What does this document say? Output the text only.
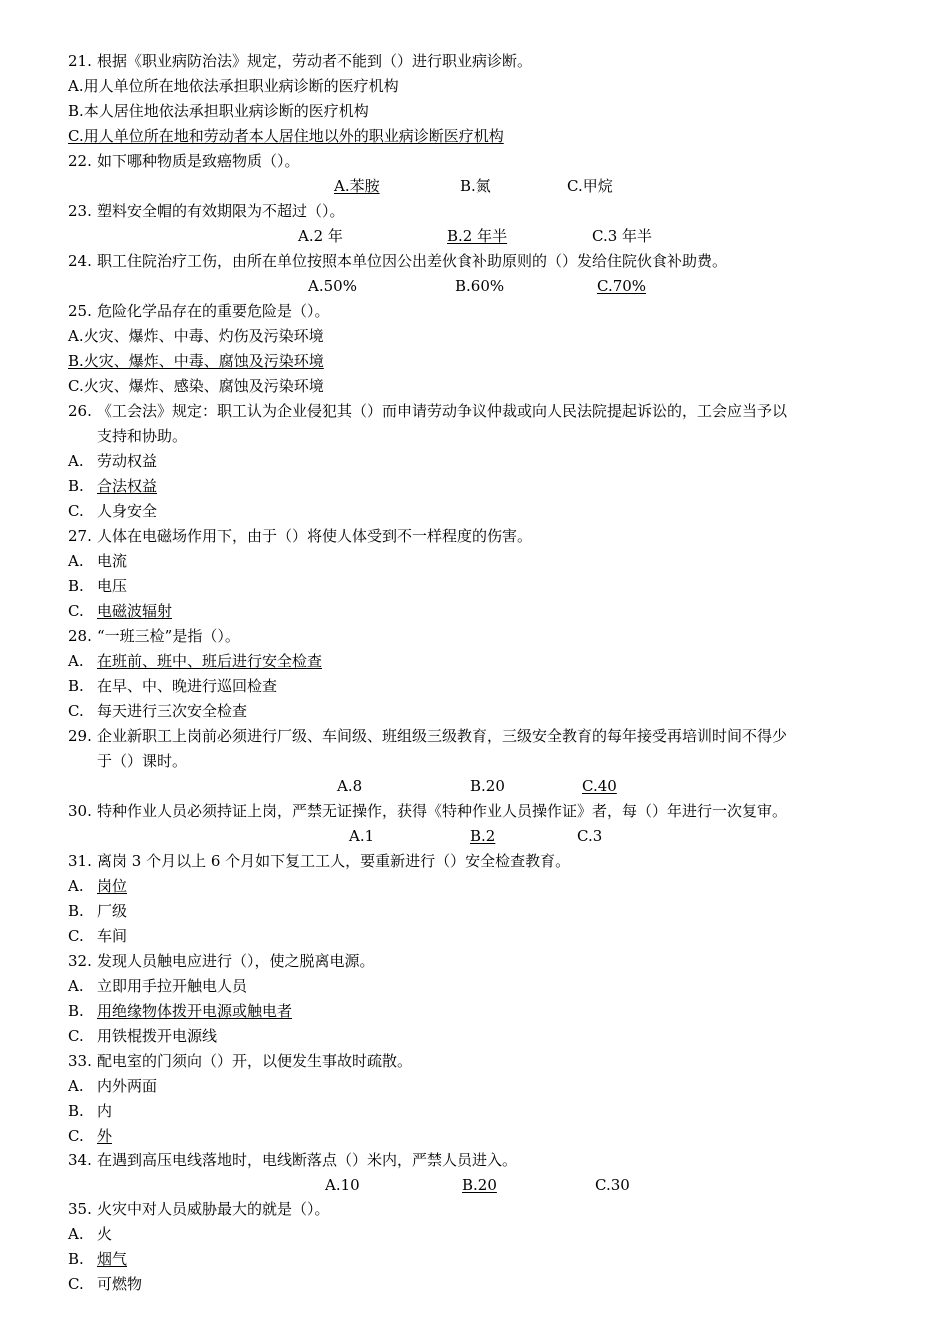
21. 根据《职业病防治法》规定，劳动者不能到（）进行职业病诊断。
A.用人单位所在地依法承担职业病诊断的医疗机构
B.本人居住地依法承担职业病诊断的医疗机构
C.用人单位所在地和劳动者本人居住地以外的职业病诊断医疗机构
22. 如下哪种物质是致癌物质（）。
A.苯胺	B.氮	C.甲烷
23. 塑料安全帽的有效期限为不超过（）。
A.2 年	B.2 年半	C.3 年半
24. 职工住院治疗工伤，由所在单位按照本单位因公出差伙食补助原则的（）发给住院伙食补助费。
A.50%	B.60%	C.70%
25. 危险化学品存在的重要危险是（）。
A.火灾、爆炸、中毒、灼伤及污染环境
B.火灾、爆炸、中毒、腐蚀及污染环境
C.火灾、爆炸、感染、腐蚀及污染环境
26. 《工会法》规定：职工认为企业侵犯其（）而申请劳动争议仲裁或向人民法院提起诉讼的，工会应当予以
支持和协助。
A. 劳动权益
B. 合法权益
C. 人身安全
27. 人体在电磁场作用下，由于（）将使人体受到不一样程度的伤害。
A. 电流
B. 电压
C. 电磁波辐射
28. “一班三检”是指（）。
A. 在班前、班中、班后进行安全检查
B. 在早、中、晚进行巡回检查
C. 每天进行三次安全检查
29. 企业新职工上岗前必须进行厂级、车间级、班组级三级教育，三级安全教育的每年接受再培训时间不得少
于（）课时。
A.8	B.20	C.40
30. 特种作业人员必须持证上岗，严禁无证操作，获得《特种作业人员操作证》者，每（）年进行一次复审。
A.1	B.2	C.3
31. 离岗 3 个月以上 6 个月如下复工工人，要重新进行（）安全检查教育。
A. 岗位
B. 厂级
C. 车间
32. 发现人员触电应进行（），使之脱离电源。
A. 立即用手拉开触电人员
B. 用绝缘物体拨开电源或触电者
C. 用铁棍拨开电源线
33. 配电室的门须向（）开，以便发生事故时疏散。
A. 内外两面
B. 内
C. 外
34. 在遇到高压电线落地时，电线断落点（）米内，严禁人员进入。
A.10	B.20	C.30
35. 火灾中对人员威胁最大的就是（）。
A. 火
B. 烟气
C. 可燃物
